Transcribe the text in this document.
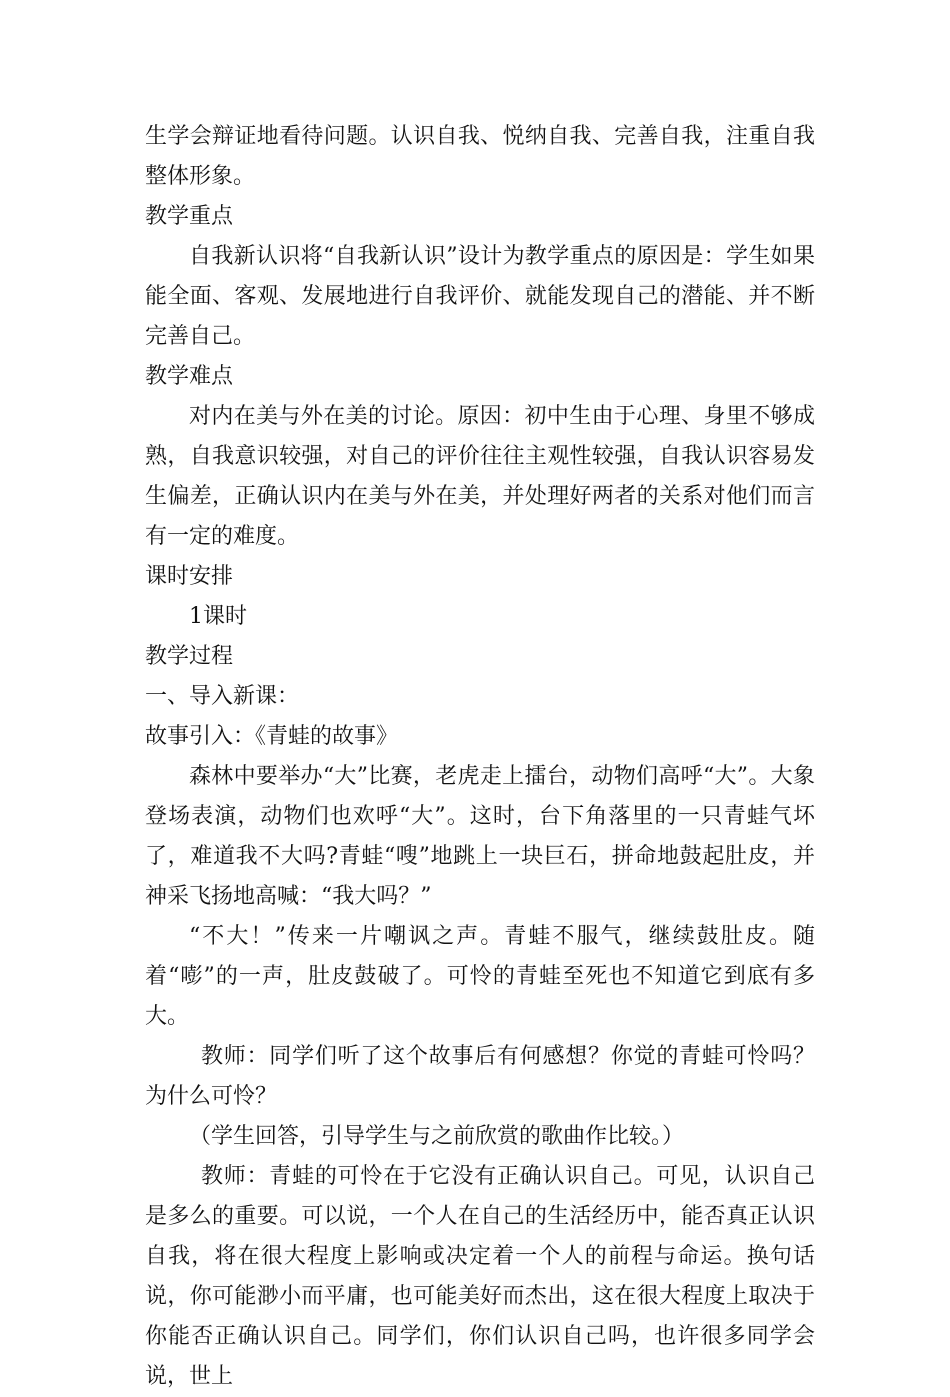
生学会辩证地看待问题。认识自我、悦纳自我、完善自我，注重自我整体形象。

教学重点

自我新认识将“自我新认识”设计为教学重点的原因是：学生如果能全面、客观、发展地进行自我评价、就能发现自己的潜能、并不断完善自己。

教学难点

对内在美与外在美的讨论。原因：初中生由于心理、身里不够成熟，自我意识较强，对自己的评价往往主观性较强，自我认识容易发生偏差，正确认识内在美与外在美，并处理好两者的关系对他们而言有一定的难度。

课时安排

1课时

教学过程

一、导入新课：

故事引入：《青蛙的故事》

森林中要举办“大”比赛，老虎走上擂台，动物们高呼“大”。大象登场表演，动物们也欢呼“大”。这时，台下角落里的一只青蛙气坏了，难道我不大吗?青蛙“嗖”地跳上一块巨石，拼命地鼓起肚皮，并神采飞扬地高喊：“我大吗？”

“不大！”传来一片嘲讽之声。青蛙不服气，继续鼓肚皮。随着“嘭”的一声，肚皮鼓破了。可怜的青蛙至死也不知道它到底有多大。

教师：同学们听了这个故事后有何感想？你觉的青蛙可怜吗？为什么可怜？

（学生回答，引导学生与之前欣赏的歌曲作比较。）

教师：青蛙的可怜在于它没有正确认识自己。可见，认识自己是多么的重要。可以说，一个人在自己的生活经历中，能否真正认识自我，将在很大程度上影响或决定着一个人的前程与命运。换句话说，你可能渺小而平庸，也可能美好而杰出，这在很大程度上取决于你能否正确认识自己。同学们，你们认识自己吗，也许很多同学会说，世上
